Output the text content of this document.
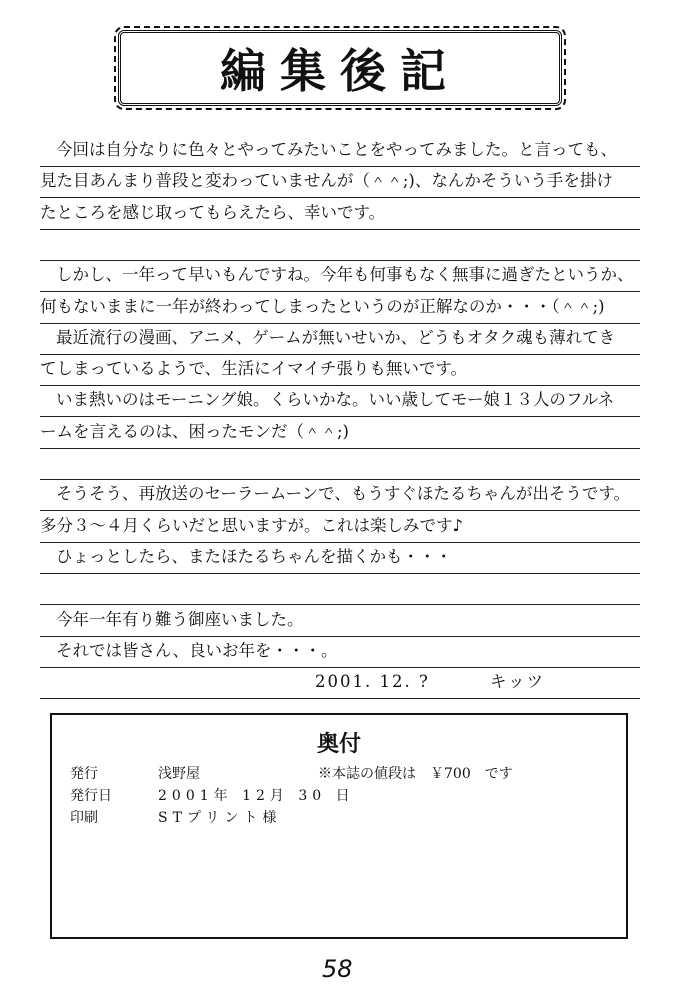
編集後記
今回は自分なりに色々とやってみたいことをやってみました。と言っても、
見た目あんまり普段と変わっていませんが（＾＾;)、なんかそういう手を掛け
たところを感じ取ってもらえたら、幸いです。
しかし、一年って早いもんですね。今年も何事もなく無事に過ぎたというか、
何もないままに一年が終わってしまったというのが正解なのか・・・（＾＾;)
最近流行の漫画、アニメ、ゲームが無いせいか、どうもオタク魂も薄れてき
てしまっているようで、生活にイマイチ張りも無いです。
いま熱いのはモーニング娘。くらいかな。いい歳してモー娘１３人のフルネ
ームを言えるのは、困ったモンだ（＾＾;)
そうそう、再放送のセーラームーンで、もうすぐほたるちゃんが出そうです。
多分３～４月くらいだと思いますが。これは楽しみです♪
ひょっとしたら、またほたるちゃんを描くかも・・・
今年一年有り難う御座いました。
それでは皆さん、良いお年を・・・。
2001. 12. ?	キッツ
奥付
発行	浅野屋	※本誌の値段は　￥700　です
発行日	2001年 12月 30 日
印刷	STプリント様
58
